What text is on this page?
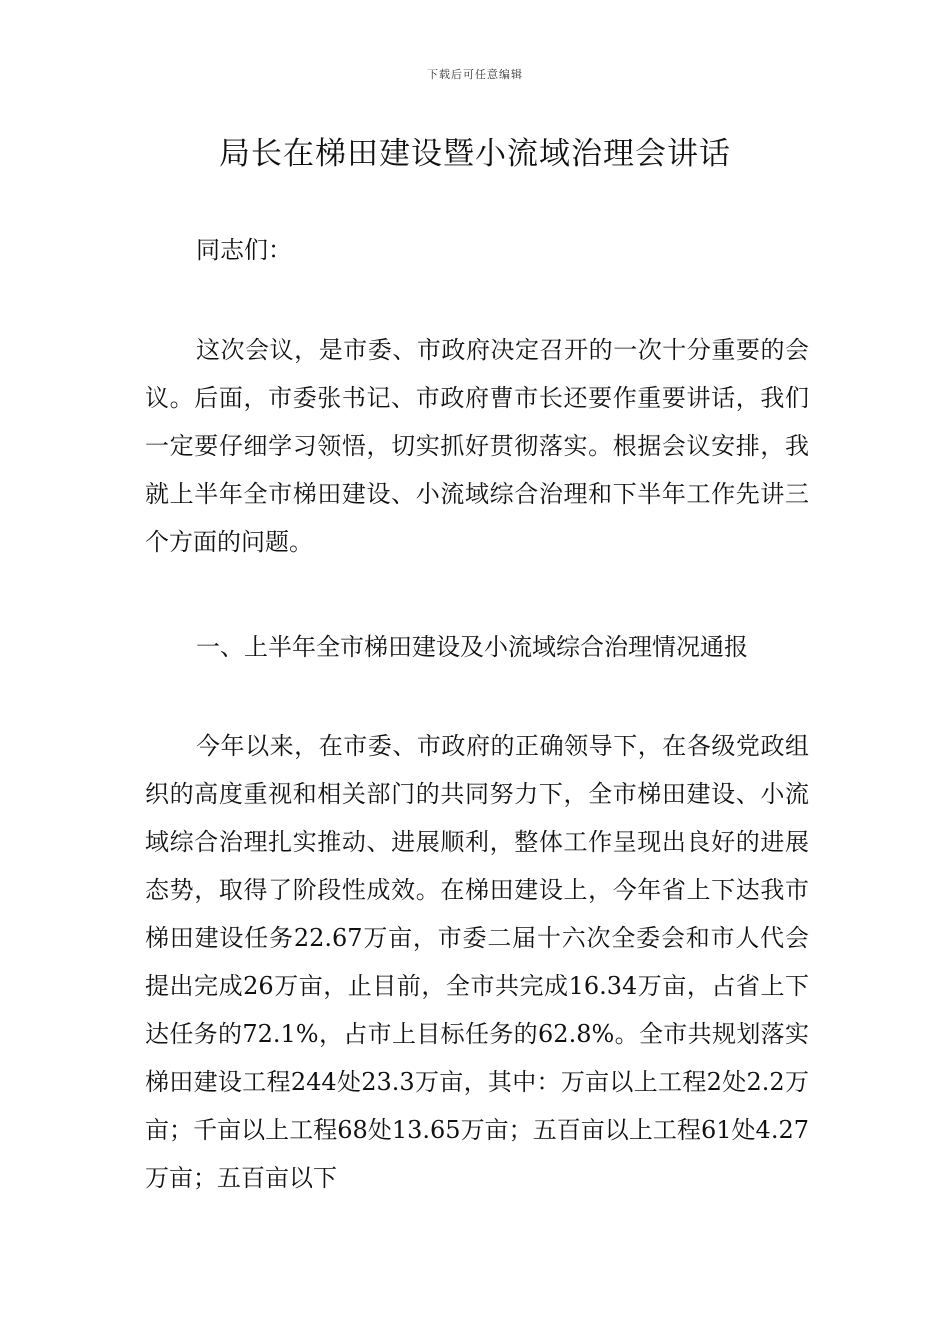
下载后可任意编辑
局长在梯田建设暨小流域治理会讲话

同志们：

这次会议，是市委、市政府决定召开的一次十分重要的会议。后面，市委张书记、市政府曹市长还要作重要讲话，我们一定要仔细学习领悟，切实抓好贯彻落实。根据会议安排，我就上半年全市梯田建设、小流域综合治理和下半年工作先讲三个方面的问题。

一、上半年全市梯田建设及小流域综合治理情况通报

今年以来，在市委、市政府的正确领导下，在各级党政组织的高度重视和相关部门的共同努力下，全市梯田建设、小流域综合治理扎实推动、进展顺利，整体工作呈现出良好的进展态势，取得了阶段性成效。在梯田建设上，今年省上下达我市梯田建设任务22.67万亩，市委二届十六次全委会和市人代会提出完成26万亩，止目前，全市共完成16.34万亩，占省上下达任务的72.1%，占市上目标任务的62.8%。全市共规划落实梯田建设工程244处23.3万亩，其中：万亩以上工程2处2.2万亩；千亩以上工程68处13.65万亩；五百亩以上工程61处4.27万亩；五百亩以下
